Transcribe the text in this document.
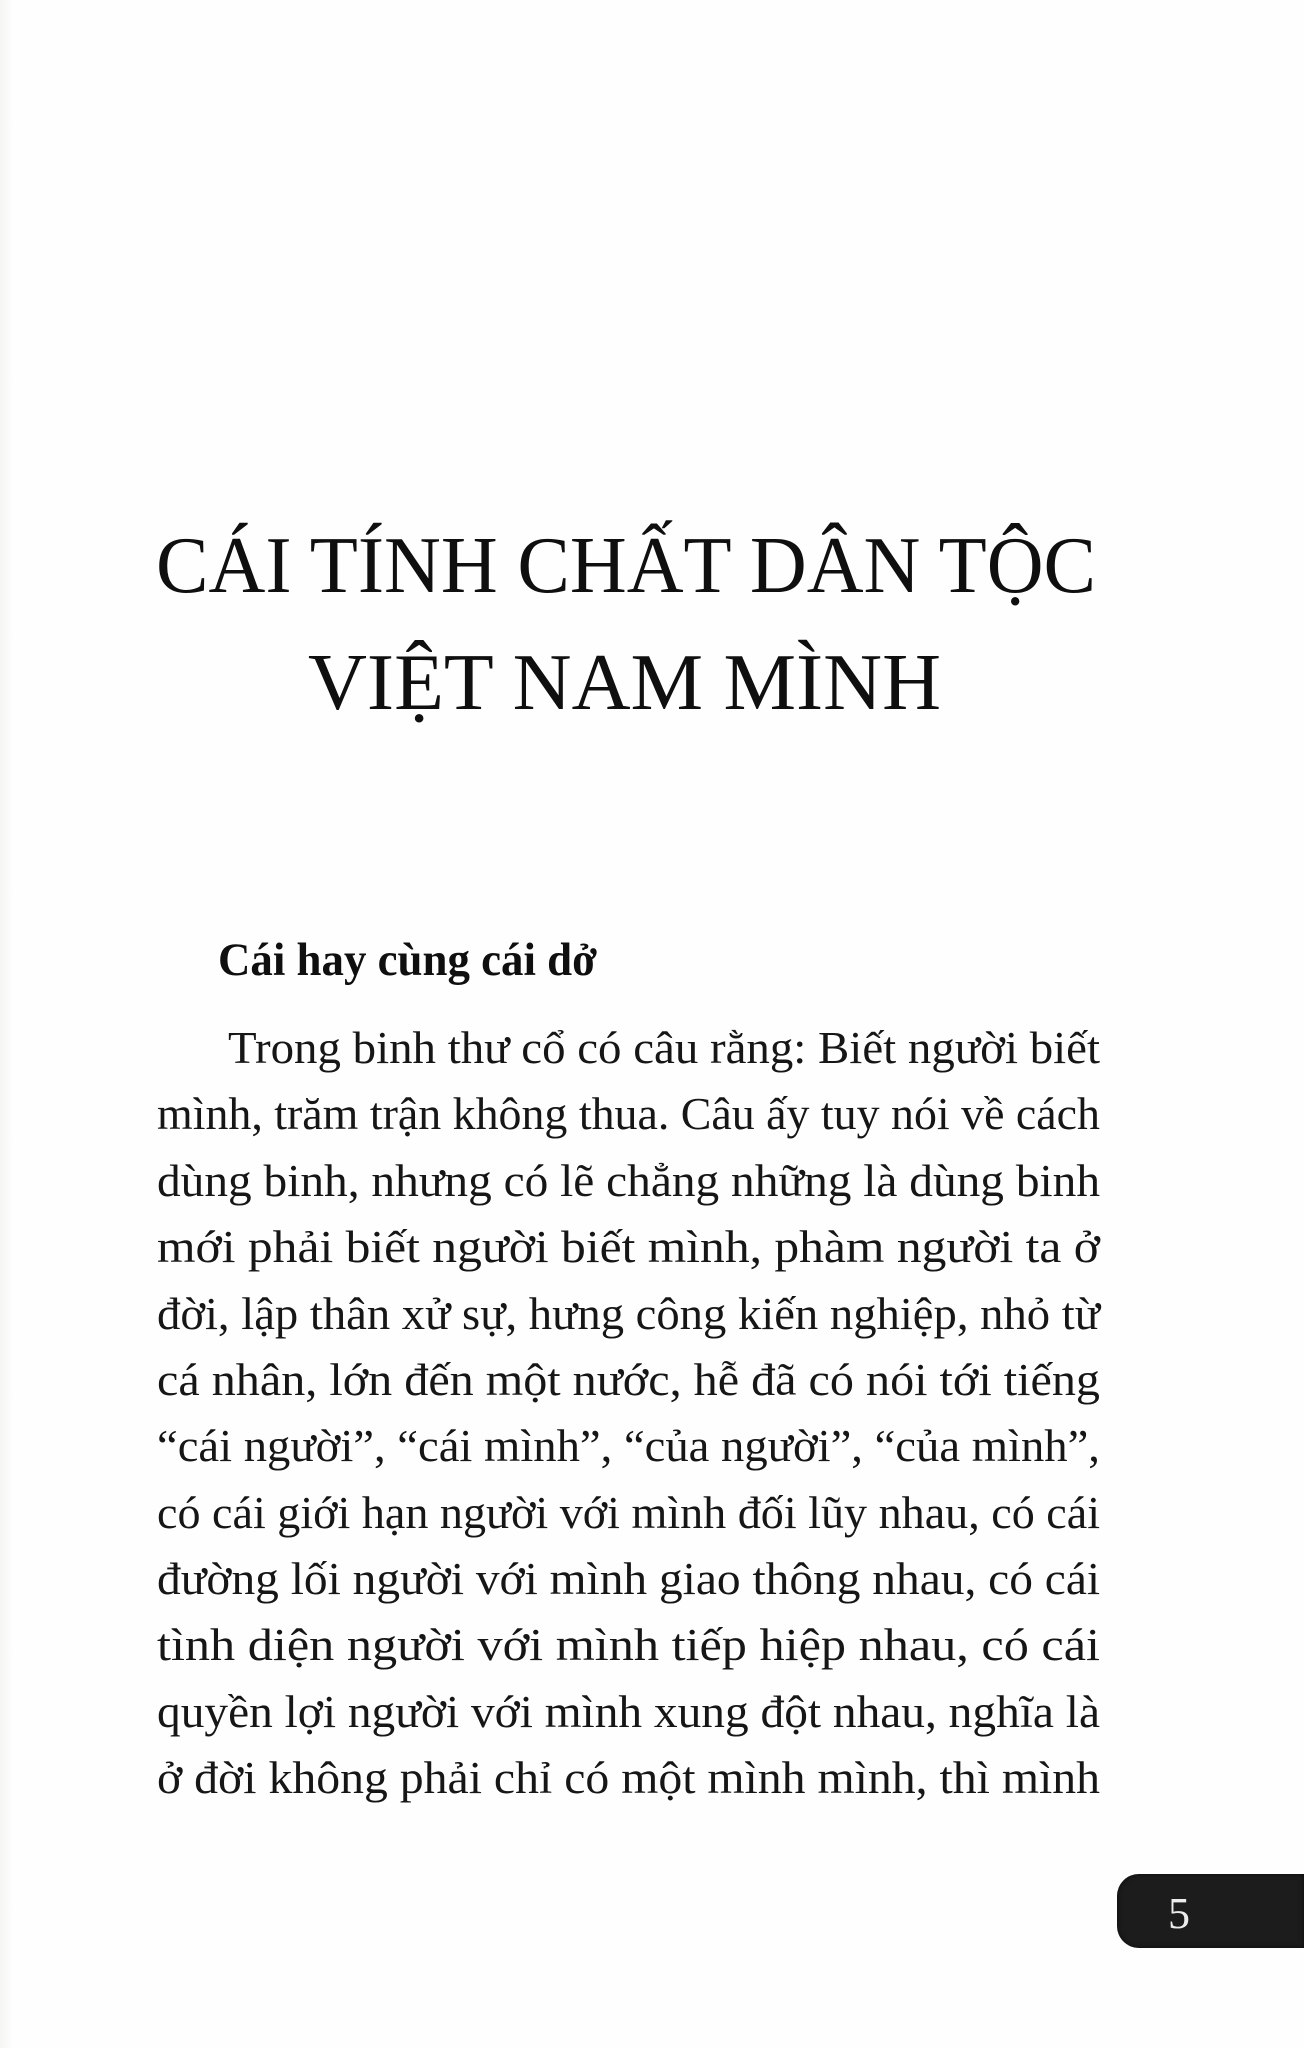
CÁI TÍNH CHẤT DÂN TỘC
VIỆT NAM MÌNH
Cái hay cùng cái dở
Trong binh thư cổ có câu rằng: Biết người biết
mình, trăm trận không thua. Câu ấy tuy nói về cách
dùng binh, nhưng có lẽ chẳng những là dùng binh
mới phải biết người biết mình, phàm người ta ở
đời, lập thân xử sự, hưng công kiến nghiệp, nhỏ từ
cá nhân, lớn đến một nước, hễ đã có nói tới tiếng
“cái người”, “cái mình”, “của người”, “của mình”,
có cái giới hạn người với mình đối lũy nhau, có cái
đường lối người với mình giao thông nhau, có cái
tình diện người với mình tiếp hiệp nhau, có cái
quyền lợi người với mình xung đột nhau, nghĩa là
ở đời không phải chỉ có một mình mình, thì mình
5
